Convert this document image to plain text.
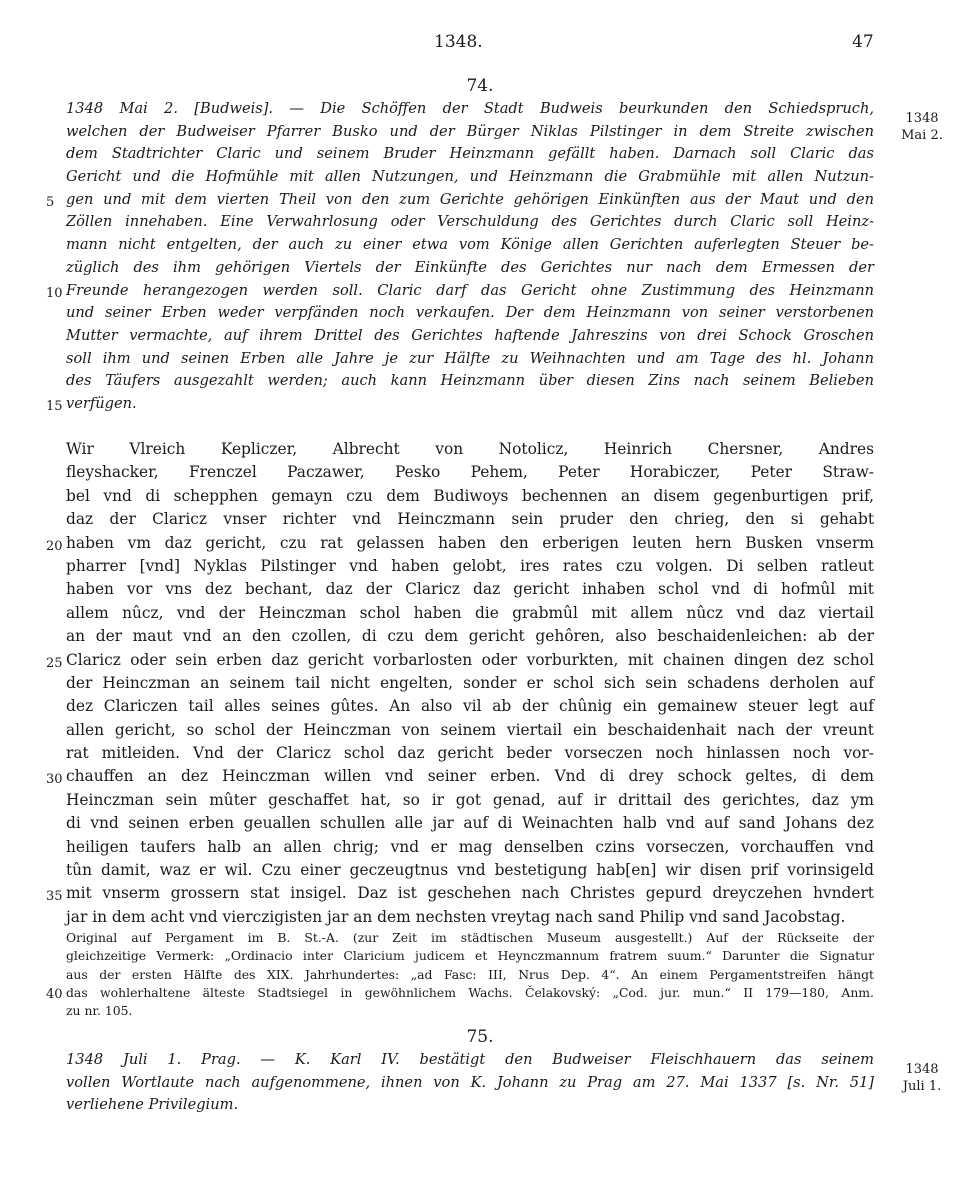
1348.	47
74.
1348
Mai 2.
1348 Mai 2. [Budweis]. — Die Schöffen der Stadt Budweis beurkunden den Schiedspruch,
welchen der Budweiser Pfarrer Busko und der Bürger Niklas Pilstinger in dem Streite zwischen
dem Stadtrichter Claric und seinem Bruder Heinzmann gefällt haben. Darnach soll Claric das
Gericht und die Hofmühle mit allen Nutzungen, und Heinzmann die Grabmühle mit allen Nutzun-
5 gen und mit dem vierten Theil von den zum Gerichte gehörigen Einkünften aus der Maut und den
Zöllen innehaben. Eine Verwahrlosung oder Verschuldung des Gerichtes durch Claric soll Heinz-
mann nicht entgelten, der auch zu einer etwa vom Könige allen Gerichten auferlegten Steuer be-
züglich des ihm gehörigen Viertels der Einkünfte des Gerichtes nur nach dem Ermessen der
10 Freunde herangezogen werden soll. Claric darf das Gericht ohne Zustimmung des Heinzmann
und seiner Erben weder verpfänden noch verkaufen. Der dem Heinzmann von seiner verstorbenen
Mutter vermachte, auf ihrem Drittel des Gerichtes haftende Jahreszins von drei Schock Groschen
soll ihm und seinen Erben alle Jahre je zur Hälfte zu Weihnachten und am Tage des hl. Johann
des Täufers ausgezahlt werden; auch kann Heinzmann über diesen Zins nach seinem Belieben
15 verfügen.
Wir Vlreich Kepliczer, Albrecht von Notolicz, Heinrich Chersner, Andres
fleyshacker, Frenczel Paczawer, Pesko Pehem, Peter Horabiczer, Peter Straw-
bel vnd di schepphen gemayn czu dem Budiwoys bechennen an disem gegenburtigen prif,
daz der Claricz vnser richter vnd Heinczmann sein pruder den chrieg, den si gehabt
20 haben vm daz gericht, czu rat gelassen haben den erberigen leuten hern Busken vnserm
pharrer [vnd] Nyklas Pilstinger vnd haben gelobt, ires rates czu volgen. Di selben ratleut
haben vor vns dez bechant, daz der Claricz daz gericht inhaben schol vnd di hofmûl mit
allem nûcz, vnd der Heinczman schol haben die grabmûl mit allem nûcz vnd daz viertail
an der maut vnd an den czollen, di czu dem gericht gehôren, also beschaidenleichen: ab der
25 Claricz oder sein erben daz gericht vorbarlosten oder vorburkten, mit chainen dingen dez schol
der Heinczman an seinem tail nicht engelten, sonder er schol sich sein schadens derholen auf
dez Clariczen tail alles seines gûtes. An also vil ab der chûnig ein gemainew steuer legt auf
allen gericht, so schol der Heinczman von seinem viertail ein beschaidenhait nach der vreunt
rat mitleiden. Vnd der Claricz schol daz gericht beder vorseczen noch hinlassen noch vor-
30 chauffen an dez Heinczman willen vnd seiner erben. Vnd di drey schock geltes, di dem
Heinczman sein mûter geschaffet hat, so ir got genad, auf ir drittail des gerichtes, daz ym
di vnd seinen erben geuallen schullen alle jar auf di Weinachten halb vnd auf sand Johans dez
heiligen taufers halb an allen chrig; vnd er mag denselben czins vorseczen, vorchauffen vnd
tûn damit, waz er wil. Czu einer geczeugtnus vnd bestetigung hab[en] wir disen prif vorinsigeld
35 mit vnserm grossern stat insigel. Daz ist geschehen nach Christes gepurd dreyczehen hvndert
jar in dem acht vnd vierczigisten jar an dem nechsten vreytag nach sand Philip vnd sand Jacobstag.
Original auf Pergament im B. St.-A. (zur Zeit im städtischen Museum ausgestellt.) Auf der Rückseite der
gleichzeitige Vermerk: „Ordinacio inter Claricium judicem et Heynczmannum fratrem suum.“ Darunter die Signatur
aus der ersten Hälfte des XIX. Jahrhundertes: „ad Fasc: III, Nrus Dep. 4“. An einem Pergamentstreifen hängt
40 das wohlerhaltene älteste Stadtsiegel in gewöhnlichem Wachs. Čelakovský: „Cod. jur. mun.“ II 179—180, Anm.
zu nr. 105.
75.
1348
Juli 1.
1348 Juli 1. Prag. — K. Karl IV. bestätigt den Budweiser Fleischhauern das seinem
vollen Wortlaute nach aufgenommene, ihnen von K. Johann zu Prag am 27. Mai 1337 [s. Nr. 51]
verliehene Privilegium.
